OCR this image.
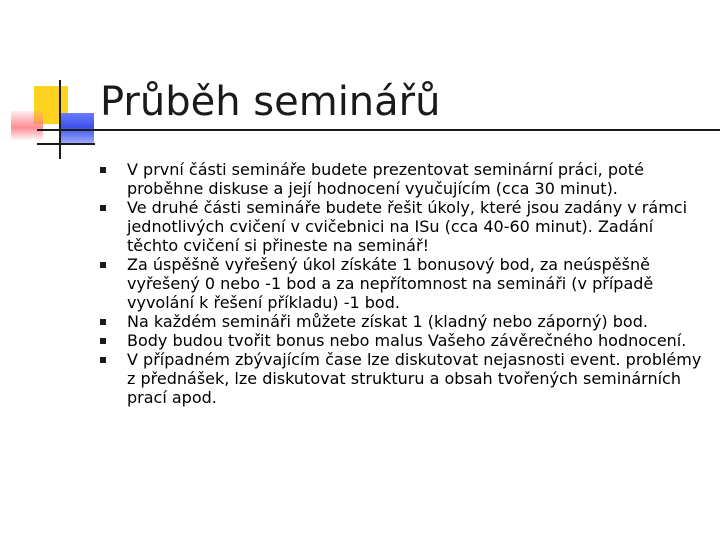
Průběh seminářů
V první části semináře budete prezentovat seminární práci, poté proběhne diskuse a její hodnocení vyučujícím (cca 30 minut).
Ve druhé části semináře budete řešit úkoly, které jsou zadány v rámci jednotlivých cvičení v cvičebnici na ISu (cca 40-60 minut). Zadání těchto cvičení si přineste na seminář!
Za úspěšně vyřešený úkol získáte 1 bonusový bod, za neúspěšně vyřešený 0 nebo -1 bod a za nepřítomnost na semináři (v případě vyvolání k řešení příkladu) -1 bod.
Na každém semináři můžete získat 1 (kladný nebo záporný) bod.
Body budou tvořit bonus nebo malus Vašeho závěrečného hodnocení.
V případném zbývajícím čase lze diskutovat nejasnosti event. problémy z přednášek, lze diskutovat strukturu a obsah tvořených seminárních prací apod.
